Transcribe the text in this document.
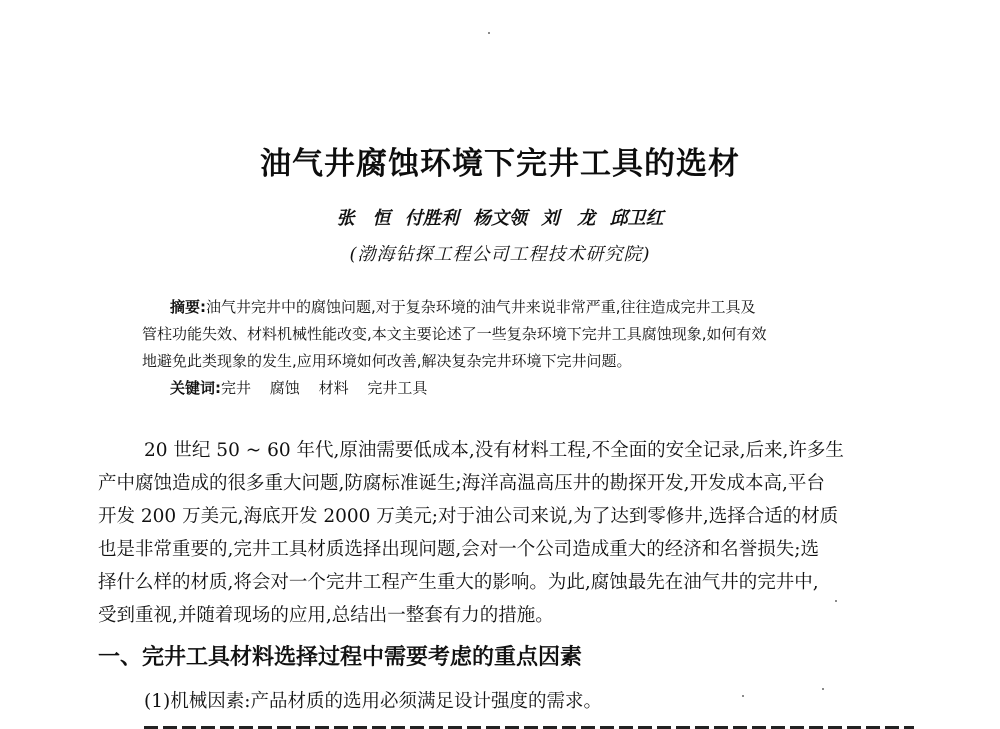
油气井腐蚀环境下完井工具的选材
张　恒 付胜利 杨文领 刘　龙 邱卫红
(渤海钻探工程公司工程技术研究院)
摘要:油气井完井中的腐蚀问题,对于复杂环境的油气井来说非常严重,往往造成完井工具及
管柱功能失效、材料机械性能改变,本文主要论述了一些复杂环境下完井工具腐蚀现象,如何有效
地避免此类现象的发生,应用环境如何改善,解决复杂完井环境下完井问题。
关键词:完井 腐蚀 材料 完井工具
20 世纪 50 ~ 60 年代,原油需要低成本,没有材料工程,不全面的安全记录,后来,许多生
产中腐蚀造成的很多重大问题,防腐标准诞生;海洋高温高压井的勘探开发,开发成本高,平台
开发 200 万美元,海底开发 2000 万美元;对于油公司来说,为了达到零修井,选择合适的材质
也是非常重要的,完井工具材质选择出现问题,会对一个公司造成重大的经济和名誉损失;选
择什么样的材质,将会对一个完井工程产生重大的影响。为此,腐蚀最先在油气井的完井中,
受到重视,并随着现场的应用,总结出一整套有力的措施。
一、完井工具材料选择过程中需要考虑的重点因素
(1)机械因素:产品材质的选用必须满足设计强度的需求。
